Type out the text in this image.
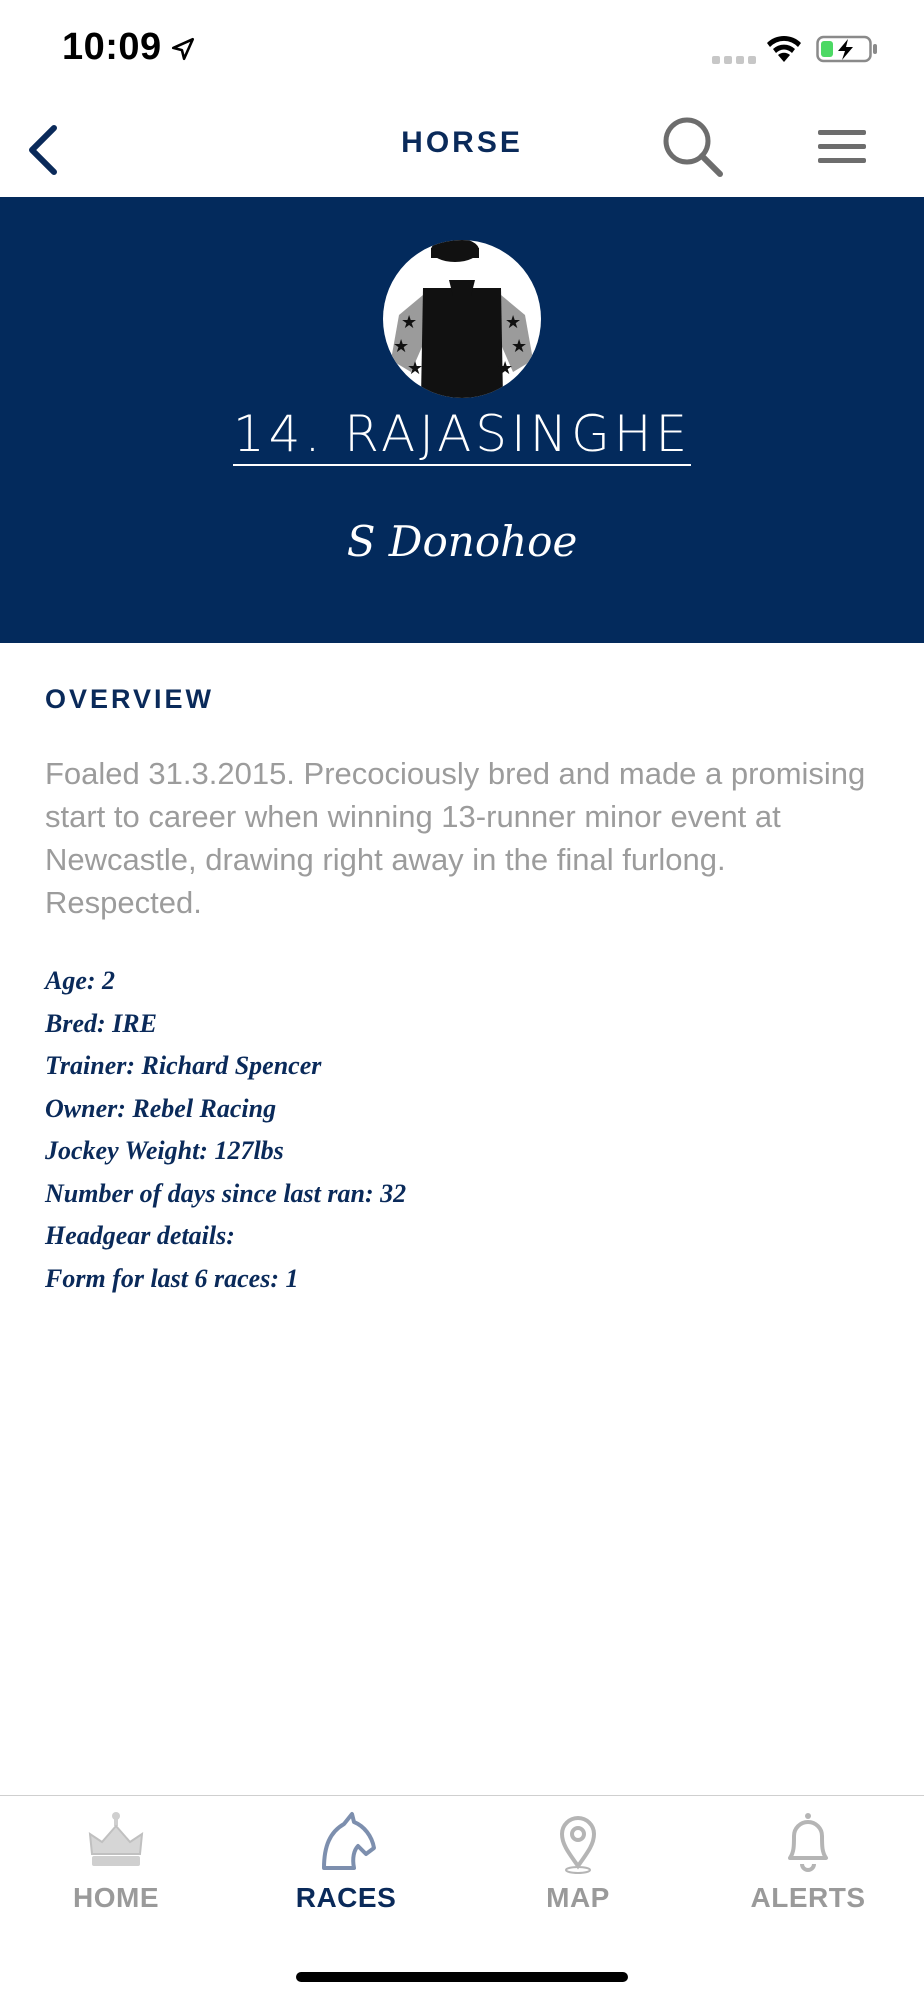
10:09
HORSE
★
★
★
★
★
★
14. RAJASINGHE
S Donohoe
OVERVIEW
Foaled 31.3.2015. Precociously bred and made a promising start to career when winning 13-runner minor event at Newcastle, drawing right away in the final furlong. Respected.
Age: 2
Bred: IRE
Trainer: Richard Spencer
Owner: Rebel Racing
Jockey Weight: 127lbs
Number of days since last ran: 32
Headgear details:
Form for last 6 races: 1
HOME	RACES	MAP	ALERTS
